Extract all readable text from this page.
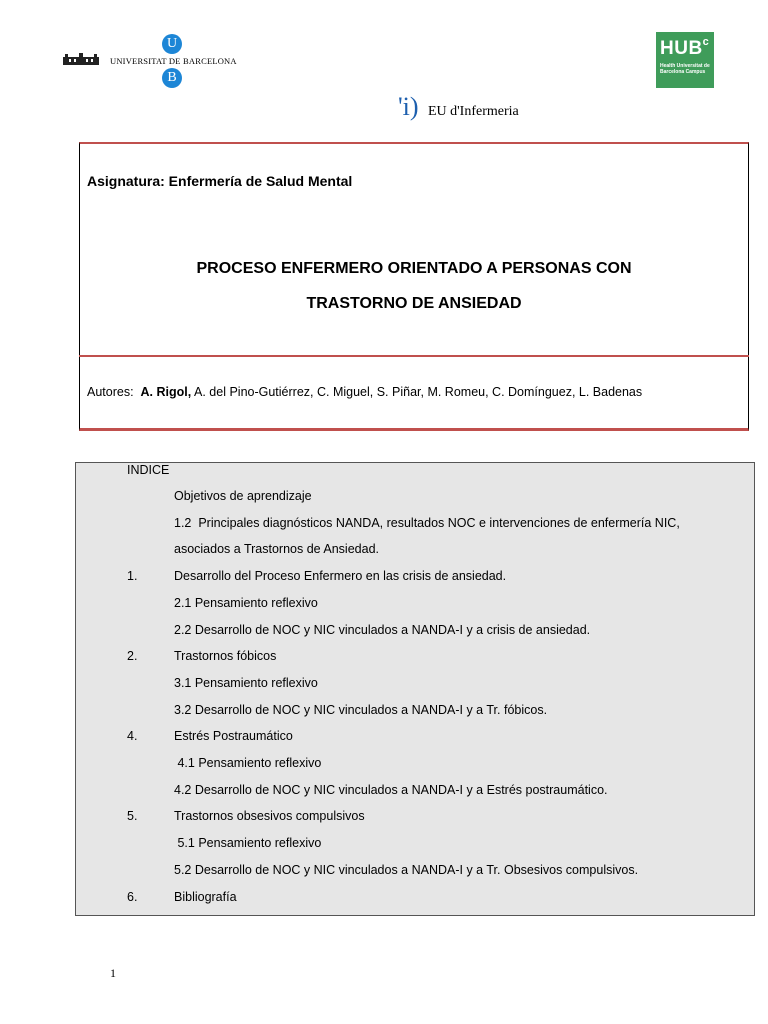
UNIVERSITAT DE BARCELONA
U
B
HUB$^c$
Health Universitat de Barcelona Campus
'i) EU d'Infermeria
Asignatura: Enfermería de Salud Mental
PROCESO ENFERMERO ORIENTADO A PERSONAS CON
TRASTORNO DE ANSIEDAD
Autores: A. Rigol, A. del Pino-Gutiérrez, C. Miguel, S. Piñar, M. Romeu, C. Domínguez, L. Badenas
INDICE
Objetivos de aprendizaje
1.2  Principales diagnósticos NANDA, resultados NOC e intervenciones de enfermería NIC,
asociados a Trastornos de Ansiedad.
1.	Desarrollo del Proceso Enfermero en las crisis de ansiedad.
2.1 Pensamiento reflexivo
2.2 Desarrollo de NOC y NIC vinculados a NANDA-I y a crisis de ansiedad.
2.	Trastornos fóbicos
3.1 Pensamiento reflexivo
3.2 Desarrollo de NOC y NIC vinculados a NANDA-I y a Tr. fóbicos.
4.	Estrés Postraumático
4.1 Pensamiento reflexivo
4.2 Desarrollo de NOC y NIC vinculados a NANDA-I y a Estrés postraumático.
5.	Trastornos obsesivos compulsivos
5.1 Pensamiento reflexivo
5.2 Desarrollo de NOC y NIC vinculados a NANDA-I y a Tr. Obsesivos compulsivos.
6.	Bibliografía
1
